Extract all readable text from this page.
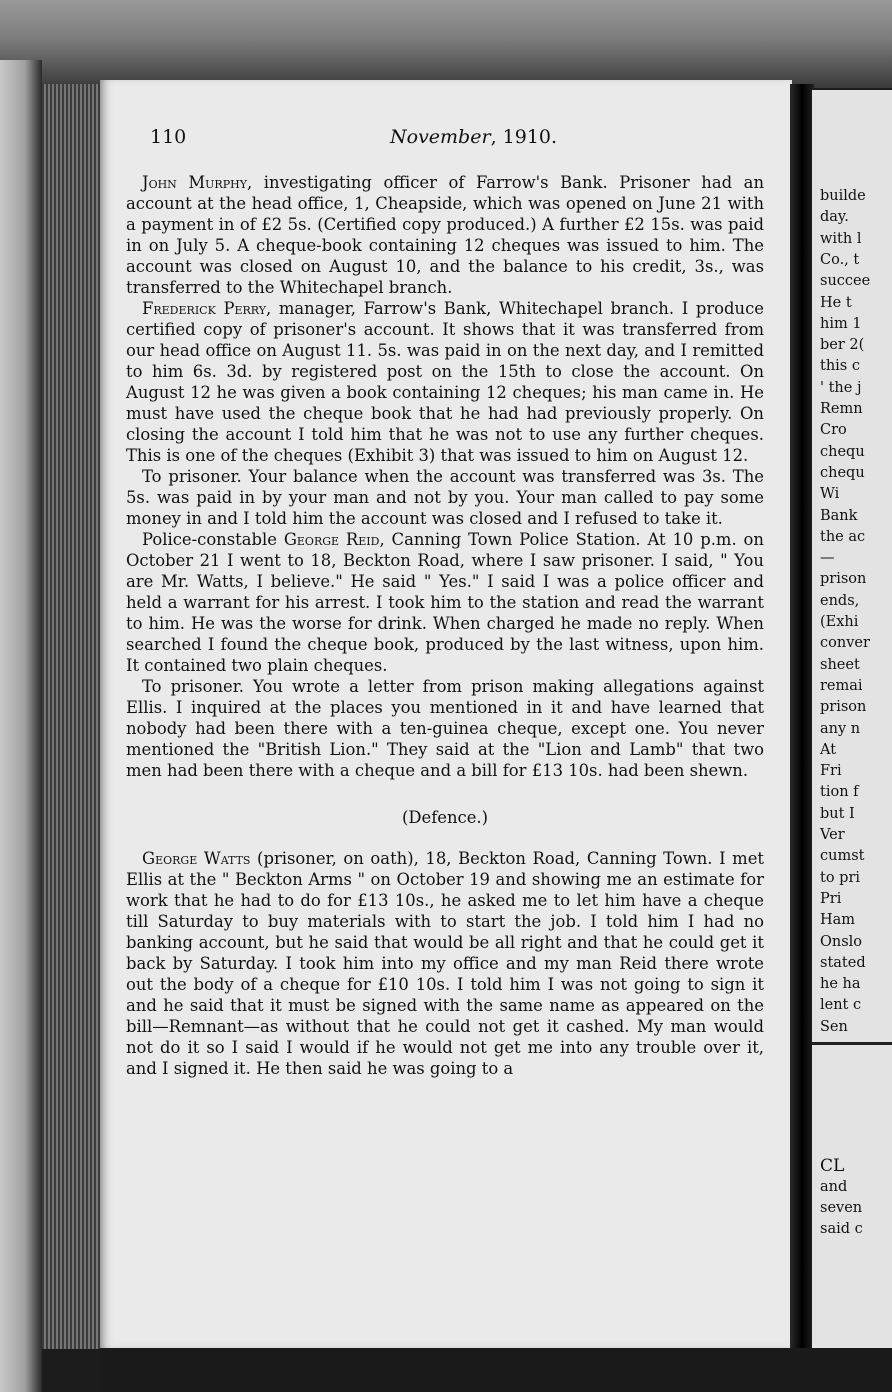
builde
day.
with l
Co., t
succee
He t
him 1
ber 2(
this c
' the j
Remn
Cro
chequ
chequ
Wi
Bank
the ac
—
prison
ends,
(Exhi
conver
sheet
remai
prison
any n
At
Fri
tion f
but I
Ver
cumst
to pri
Pri
Ham
Onslo
stated
he ha
lent c
Sen
CL
and
seven
said c
110	November, 1910.

John Murphy, investigating officer of Farrow's Bank. Prisoner had an account at the head office, 1, Cheapside, which was opened on June 21 with a payment in of £2 5s. (Certified copy produced.) A further £2 15s. was paid in on July 5. A cheque-book containing 12 cheques was issued to him. The account was closed on August 10, and the balance to his credit, 3s., was transferred to the Whitechapel branch.

Frederick Perry, manager, Farrow's Bank, Whitechapel branch. I produce certified copy of prisoner's account. It shows that it was transferred from our head office on August 11. 5s. was paid in on the next day, and I remitted to him 6s. 3d. by registered post on the 15th to close the account. On August 12 he was given a book containing 12 cheques; his man came in. He must have used the cheque book that he had had previously properly. On closing the account I told him that he was not to use any further cheques. This is one of the cheques (Exhibit 3) that was issued to him on August 12.

To prisoner. Your balance when the account was transferred was 3s. The 5s. was paid in by your man and not by you. Your man called to pay some money in and I told him the account was closed and I refused to take it.

Police-constable George Reid, Canning Town Police Station. At 10 p.m. on October 21 I went to 18, Beckton Road, where I saw prisoner. I said, " You are Mr. Watts, I believe." He said " Yes." I said I was a police officer and held a warrant for his arrest. I took him to the station and read the warrant to him. He was the worse for drink. When charged he made no reply. When searched I found the cheque book, produced by the last witness, upon him. It contained two plain cheques.

To prisoner. You wrote a letter from prison making allegations against Ellis. I inquired at the places you mentioned in it and have learned that nobody had been there with a ten-guinea cheque, except one. You never mentioned the "British Lion." They said at the "Lion and Lamb" that two men had been there with a cheque and a bill for £13 10s. had been shewn.

(Defence.)

George Watts (prisoner, on oath), 18, Beckton Road, Canning Town. I met Ellis at the " Beckton Arms " on October 19 and showing me an estimate for work that he had to do for £13 10s., he asked me to let him have a cheque till Saturday to buy materials with to start the job. I told him I had no banking account, but he said that would be all right and that he could get it back by Saturday. I took him into my office and my man Reid there wrote out the body of a cheque for £10 10s. I told him I was not going to sign it and he said that it must be signed with the same name as appeared on the bill—Remnant—as without that he could not get it cashed. My man would not do it so I said I would if he would not get me into any trouble over it, and I signed it. He then said he was going to a
